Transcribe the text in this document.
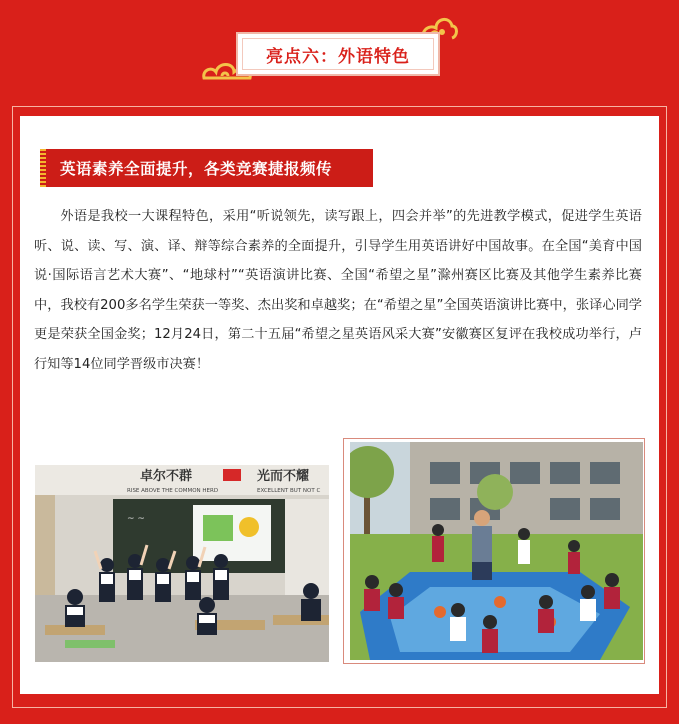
亮点六：外语特色
英语素养全面提升，各类竞赛捷报频传
外语是我校一大课程特色，采用“听说领先，读写跟上，四会并举”的先进教学模式，促进学生英语听、说、读、写、演、译、辩等综合素养的全面提升，引导学生用英语讲好中国故事。在全国“美育中国说·国际语言艺术大赛”、“地球村”“英语演讲比赛、全国“希望之星”滁州赛区比赛及其他学生素养比赛中，我校有200多名学生荣获一等奖、杰出奖和卓越奖；在“希望之星”全国英语演讲比赛中，张译心同学更是荣获全国金奖；12月24日，第二十五届“希望之星英语风采大赛”安徽赛区复评在我校成功举行，卢行知等14位同学晋级市决赛！
卓尔不群	光而不耀
RISE ABOVE THE COMMON HERD	EXCELLENT BUT NOT C
~ ~
